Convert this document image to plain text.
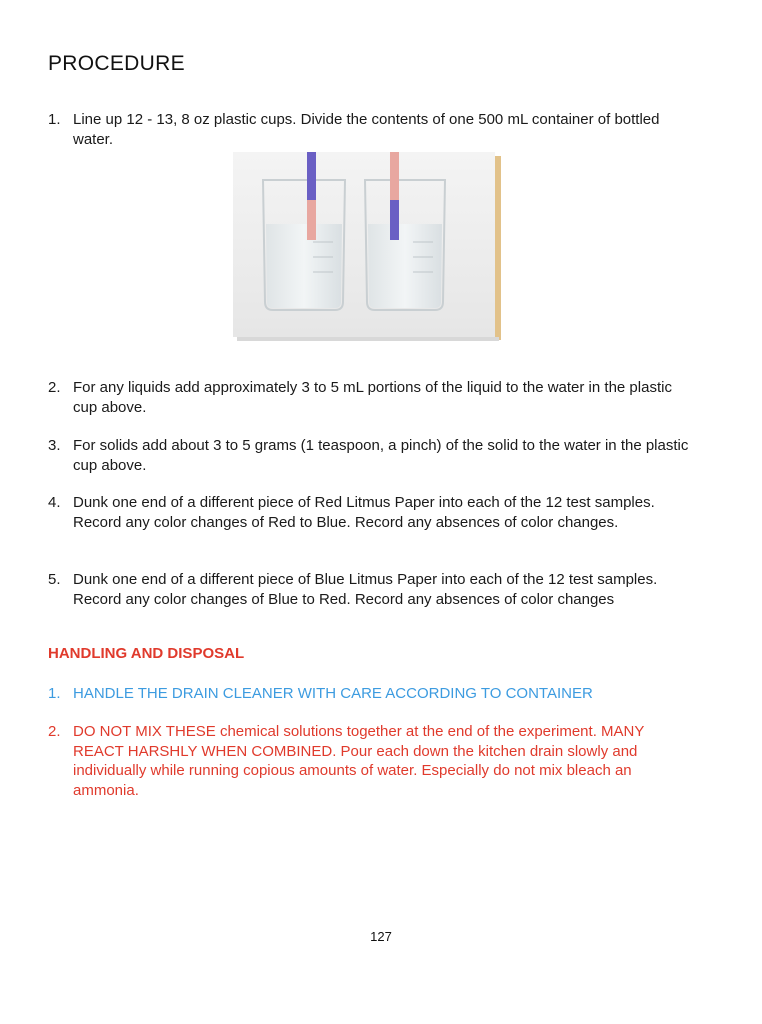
PROCEDURE
1. Line up 12 - 13, 8 oz plastic cups. Divide the contents of one 500 mL container of bottled water.
2. For any liquids add approximately 3 to 5 mL portions of the liquid to the water in the plastic cup above.
3. For solids add about 3 to 5 grams (1 teaspoon, a pinch) of the solid to the water in the plastic cup above.
4. Dunk one end of a different piece of Red Litmus Paper into each of the 12 test samples. Record any color changes of Red to Blue. Record any absences of color changes.
5. Dunk one end of a different piece of Blue Litmus Paper into each of the 12 test samples. Record any color changes of Blue to Red. Record any absences of color changes
HANDLING AND DISPOSAL
1. HANDLE THE DRAIN CLEANER WITH CARE ACCORDING TO CONTAINER
2. DO NOT MIX THESE chemical solutions together at the end of the experiment. MANY REACT HARSHLY WHEN COMBINED. Pour each down the kitchen drain slowly and individually while running copious amounts of water. Especially do not mix bleach an ammonia.
127
